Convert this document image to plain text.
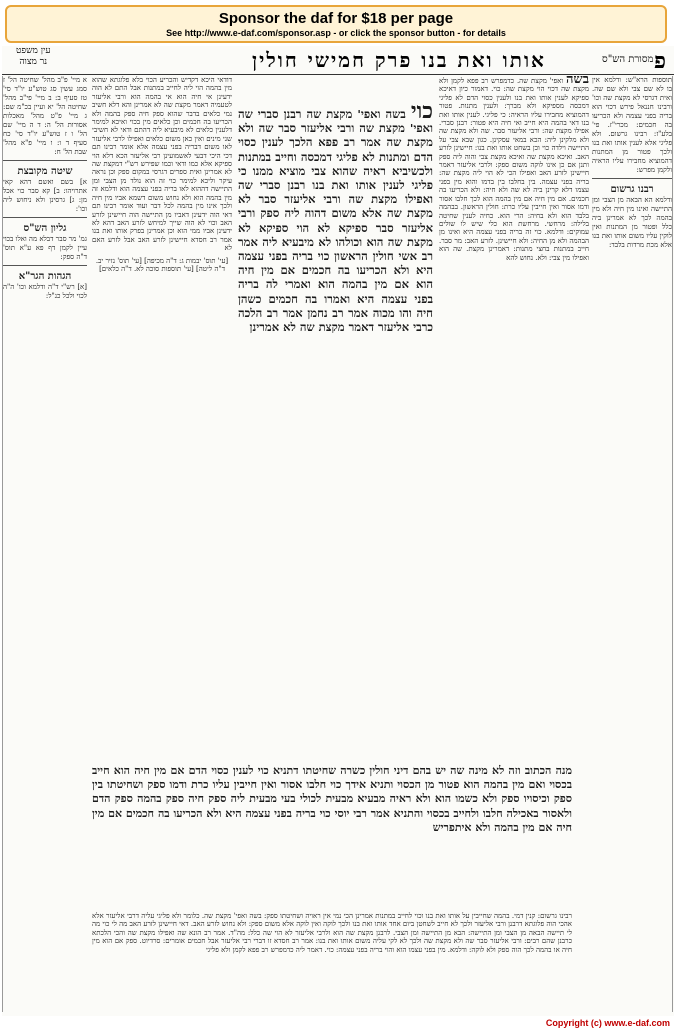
Sponsor the daf for $18 per page
See http://www.e-daf.com/sponsor.asp - or click the sponsor button - for details
עין משפט
נר מצוה	אותו ואת בנו פרק חמישי חולין	מסורת הש"ס פ
א מיי' פ"ב מהל' שחיטה הל' ז סמג עשין סג טוש"ע יו"ד סי' טז סעיף ב: ב מיי' פי"ב מהל' שחיטה הל' יא ועיין בכ"מ שם: ג מיי' פ"ט מהל' מאכלות אסורות הל' ה: ד ה מיי' שם הל' ו ז טוש"ע יו"ד סי' כח סעיף ד ו: ו מיי' פ"א מהל' שבת הל' ח:
שיטה מקובצת
א] בשם ואשם דהא קאי אתרויהו: ב] קא סבר כוי אכל מן: ג] גרסינן ולא ניחוש ליה וכו':
גליון הש"ס
גמ' מר סבר דבלא מה ואלו בכוי עיין לקמן דף פא ע"א תוס' ד"ה ספק:
הגהות הגר"א
[א] רש"י ד"ה ודלמא וכו' ה"ה לכוי ולכל כנ"ל:
דודאי היכא דקדיש והכריע הכוי בלא פלוגתא שהוא מין בהמה הוי ליה לחייב במתנות אבל התם לא הוה ידעינן אי חיה הוא אי בהמה הוא ורבי אליעזר לטעמיה דאמר מקצת שה לא אמרינן והא דלא חשיב נמי כלאים בדבר שהוא ספק חיה ספק בהמה ולא הכריעו בה חכמים וכן כלאים מין בכוי ואיכא למימר דלענין כלאים לא מיבעיא ליה דהתם ודאי לא חשיבי שני מינים ואין כאן משום כלאים ואפילו לרבי אליעזר לאו משום דבריה בפני עצמה אלא אומר רבינו תם דכי היכי דבעי לאשמועינן רבי אליעזר הכא דלא הוי ספיקא אלא כמו ודאי וכמו שפירש רש"י דמקצת שה לא אמרינן ואית ספרים דגרסי במקום ספק וכן נראה עיקר וליכא למימר כוי זה הוא נולד מן הצבי ומן התיישה דההוא לאו בריה בפני עצמה הוא ודלמא זה מין בהמה הוא ולא נחוש משום דשמא אביו מין חיה ולכך אינו מין בהמה לכל דבר ועוד אומר רבינו תם דאי הוה ידעינן דאביו מן התיישה הוה חיישינן לזרע האב וכוי לא הוה שייך למיחש לזרע האב דהא לא ידעינן אביו ממי הוא וכן אמרינן בפרק אותו ואת בנו אמר רב חסדא חיישינן לזרע האב אבל לזרע האם לא
[עי' תוס' יבמות ג: ד"ה מכיפה] [עי' תוס' נזיר יב. ד"ה ליטה] [עי' תוספות סוכה לא. ד"ה כלאים]
כוי בשה ואפי' מקצת שה רבנן סברי שה ואפי' מקצת שה ורבי אליעזר סבר שה ולא מקצת שה אמר רב פפא הלכך לענין כסוי הדם ומתנות לא פליגי דמכסה וחייב במתנות ולכשיביא ראיה שהוא צבי מוציא ממנו כי פליגי לענין אותו ואת בנו רבנן סברי שה ואפילו מקצת שה ורבי אליעזר סבר לא מקצת שה אלא משום דהוה ליה ספק ורבי אליעזר סבר ספיקא לא הוי ספיקא לא מקצת שה הוא וכולהו לא מיבעיא ליה אמר רב אשי חולין הראשון כוי בריה בפני עצמה היא ולא הכריעו בה חכמים אם מין חיה הוא אם מין בהמה הוא ואמרי לה בריה בפני עצמה היא ואמרו בה חכמים כשהן חיה והו מכוה אמר רב נחמן אמר רב הלכה כרבי אליעזר דאמר מקצת שה לא אמרינן
מנה הכתוב וזה לא מינה שה יש בהם דיני חולין כשרה שחיטתו דתניא כוי לענין כסוי הדם אם מין חיה הוא חייב בכסוי ואם מין בהמה הוא פטור מן הכסוי ותניא אידך כוי חלבו אסור ואין חייבין עליו כרת ודמו ספק ושחיטתו בין ספק וכיסויו ספק ולא כשמו הוא ולא ראיה מבעיא מבעית לכולי בעי מבעית ליה ספק חיה ספק בהמה ספק הדם ולאסור באכילה חלבו ולחייב בכסוי והתניא אמר רבי יוסי כוי בריה בפני עצמה היא ולא הכריעו בה חכמים אם מין חיה אם מין בהמה ולא איתפריש
בשה ואפי' מקצת שה. כדמפרש רב פפא לקמן ולא מקצת שה דכוי הוי מקצת שה: כוי. דאמור כיון דאיכא ספיקא לענין אותו ואת בנו ולענין כסוי הדם לא פליגי דמכסה מספיקא ולא מברך: ולענין מתנות. פטור דהמוציא מחבירו עליו הראיה: כי פליגי. לענין אותו ואת בנו דאי בהמה היא חייב ואי חיה היא פטור: רבנן סברי. אפילו מקצת שה: ורבי אליעזר סבר. שה ולא מקצת שה ולא מלקינן ליה: הכא במאי עסקינן. כגון שבא צבי על התיישה וילדה כוי וכן בשחט אותו ואת בנו: חיישינן לזרע האב. ואיכא מקצת שה ואיכא מקצת צבי והוה ליה ספק ותנן אם כן אינו לוקה משום ספק: ולרבי אליעזר דאמר חיישינן לזרע האב ואפילו הכי לא הוי ליה מקצת שה: בריה בפני עצמה. בין בחלבו בין בדמו והוא מין בפני עצמו דלא קרינן ביה לא שה ולא חיה: ולא הכריעו בה חכמים. אם מין חיה אם מין בהמה הוא לכך חלבו אסור ודמו אסור ואין חייבין עליו כרת: חולין הראשון. בבהמה בלבד הוא ולא בחיה: הרי הוא. כחיה לענין שחיטה בלילה: מרחשי. מרחשת הוא כלי שיש לו שולים עמוקים: ודלמא. כוי זה בריה בפני עצמה היא ואינו מן הבהמה ולא מן החיה: ולא חיישינן. לזרע האב: מר סבר. חייב במתנות בחצי מתנות: דאמרינן מקצת. שה הוא ואפילו מין צבי: ולא. נחוש להא
רבינו גרשום: קנין דמי. בהמה שחייבין על אותו ואת בנו וכוי לחייב במתנות אמרינן הכי נמי אין ראויה ושחיטתו ספק: בשה ואפי' מקצת שה. כלומר ולא פליגי עליה דרבי אליעזר אלא אהכי הוה פלוגתא דרבנן ורבי אליעזר ולכך לא חייב לשחטן ביום אחד אותו ואת בנו ולכך לוקה ואין לוקה אלא משום ספק: ולא נחוש לזרע האב. דאי חיישינן לזרע האב מה לי כוי מה לי תיישה הבאה מן הצבי ומן התיישה: הבא מן התיישה ומן הצבי. לרבנן מקצת שה הוא ולרבי אליעזר לא הוי שה כלל: מה"ד. אמר רב הונא שה ואפילו מקצת שה והכי הלכתא כרבנן שהם רבים: ורבי אליעזר סבר שה ולא מקצת שה ולכך לא לקי עליה משום אותו ואת בנו: אמר רב חסדא זו דברי רבי אליעזר אבל חכמים אומרים: סרדיוט. ספק אם הוא מין חיה או בהמה לכך הוה ספק ולא לוקה: ודלמא. מין בפני עצמו הוא והוי בריה בפני עצמה: כוי. דאמר ליה כדמפרש רב פפא לקמן ולא פליגי
תוספות הרא"ש: ודלמא אין בו לא שם צבי ולא שם שה. ואית דגרסי לא מקצת שה וכו' ורבינו חננאל פירש דכוי הוא בריה בפני עצמה ולא הכריעו בה חכמים: מכרי"ז. פי' בלע"ז: רבינו גרשום. ולא פליגי אלא לענין אותו ואת בנו ולכך פטור מן המתנות דהמוציא מחבירו עליו הראיה ולקמן מפרש:
רבנו גרשום
ודלמא הא הבאה מן הצבי ומן התיישה ואינו מין חיה ולא מין בהמה לכך לא אמרינן ביה כלל ופטור מן המתנות ואין לוקין עליו משום אותו ואת בנו אלא מכת מרדות בלבד:
Copyright (c) www.e-daf.com
